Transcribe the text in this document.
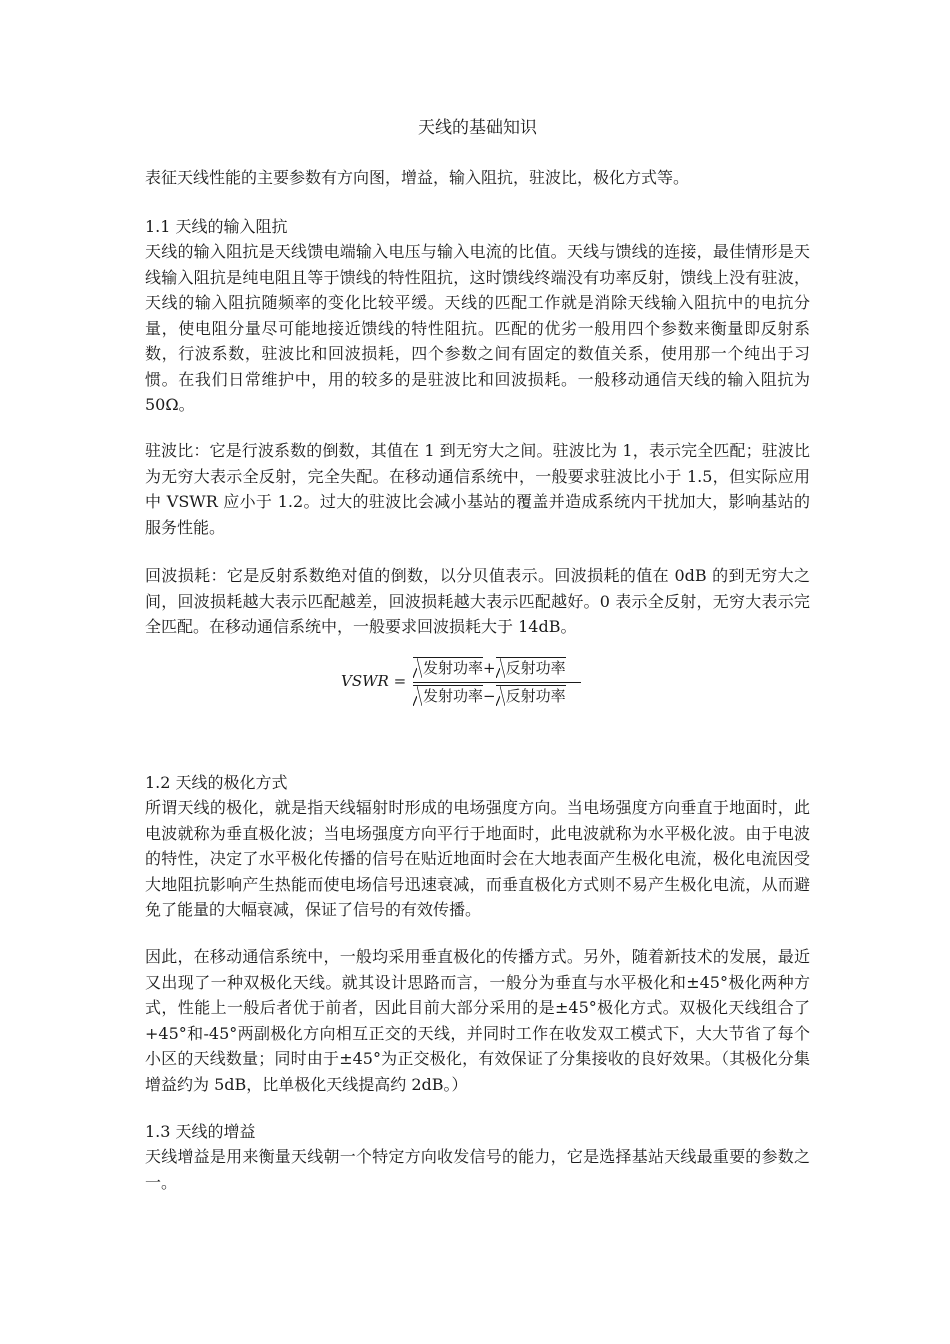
天线的基础知识

表征天线性能的主要参数有方向图，增益，输入阻抗，驻波比，极化方式等。

1.1 天线的输入阻抗

天线的输入阻抗是天线馈电端输入电压与输入电流的比值。天线与馈线的连接，最佳情形是天线输入阻抗是纯电阻且等于馈线的特性阻抗，这时馈线终端没有功率反射，馈线上没有驻波，天线的输入阻抗随频率的变化比较平缓。天线的匹配工作就是消除天线输入阻抗中的电抗分量，使电阻分量尽可能地接近馈线的特性阻抗。匹配的优劣一般用四个参数来衡量即反射系数，行波系数，驻波比和回波损耗，四个参数之间有固定的数值关系，使用那一个纯出于习惯。在我们日常维护中，用的较多的是驻波比和回波损耗。一般移动通信天线的输入阻抗为 50Ω。

驻波比：它是行波系数的倒数，其值在 1 到无穷大之间。驻波比为 1，表示完全匹配；驻波比为无穷大表示全反射，完全失配。在移动通信系统中，一般要求驻波比小于 1.5，但实际应用中 VSWR 应小于 1.2。过大的驻波比会减小基站的覆盖并造成系统内干扰加大，影响基站的服务性能。

回波损耗：它是反射系数绝对值的倒数，以分贝值表示。回波损耗的值在 0dB 的到无穷大之间，回波损耗越大表示匹配越差，回波损耗越大表示匹配越好。0 表示全反射，无穷大表示完全匹配。在移动通信系统中，一般要求回波损耗大于 14dB。

VSWR =
发射功率+ 反射功率
发射功率− 反射功率
1.2 天线的极化方式

所谓天线的极化，就是指天线辐射时形成的电场强度方向。当电场强度方向垂直于地面时，此电波就称为垂直极化波；当电场强度方向平行于地面时，此电波就称为水平极化波。由于电波的特性，决定了水平极化传播的信号在贴近地面时会在大地表面产生极化电流，极化电流因受大地阻抗影响产生热能而使电场信号迅速衰减，而垂直极化方式则不易产生极化电流，从而避免了能量的大幅衰减，保证了信号的有效传播。

因此，在移动通信系统中，一般均采用垂直极化的传播方式。另外，随着新技术的发展，最近又出现了一种双极化天线。就其设计思路而言，一般分为垂直与水平极化和±45°极化两种方式，性能上一般后者优于前者，因此目前大部分采用的是±45°极化方式。双极化天线组合了+45°和-45°两副极化方向相互正交的天线，并同时工作在收发双工模式下，大大节省了每个小区的天线数量；同时由于±45°为正交极化，有效保证了分集接收的良好效果。（其极化分集增益约为 5dB，比单极化天线提高约 2dB。）

1.3 天线的增益

天线增益是用来衡量天线朝一个特定方向收发信号的能力，它是选择基站天线最重要的参数之一。
